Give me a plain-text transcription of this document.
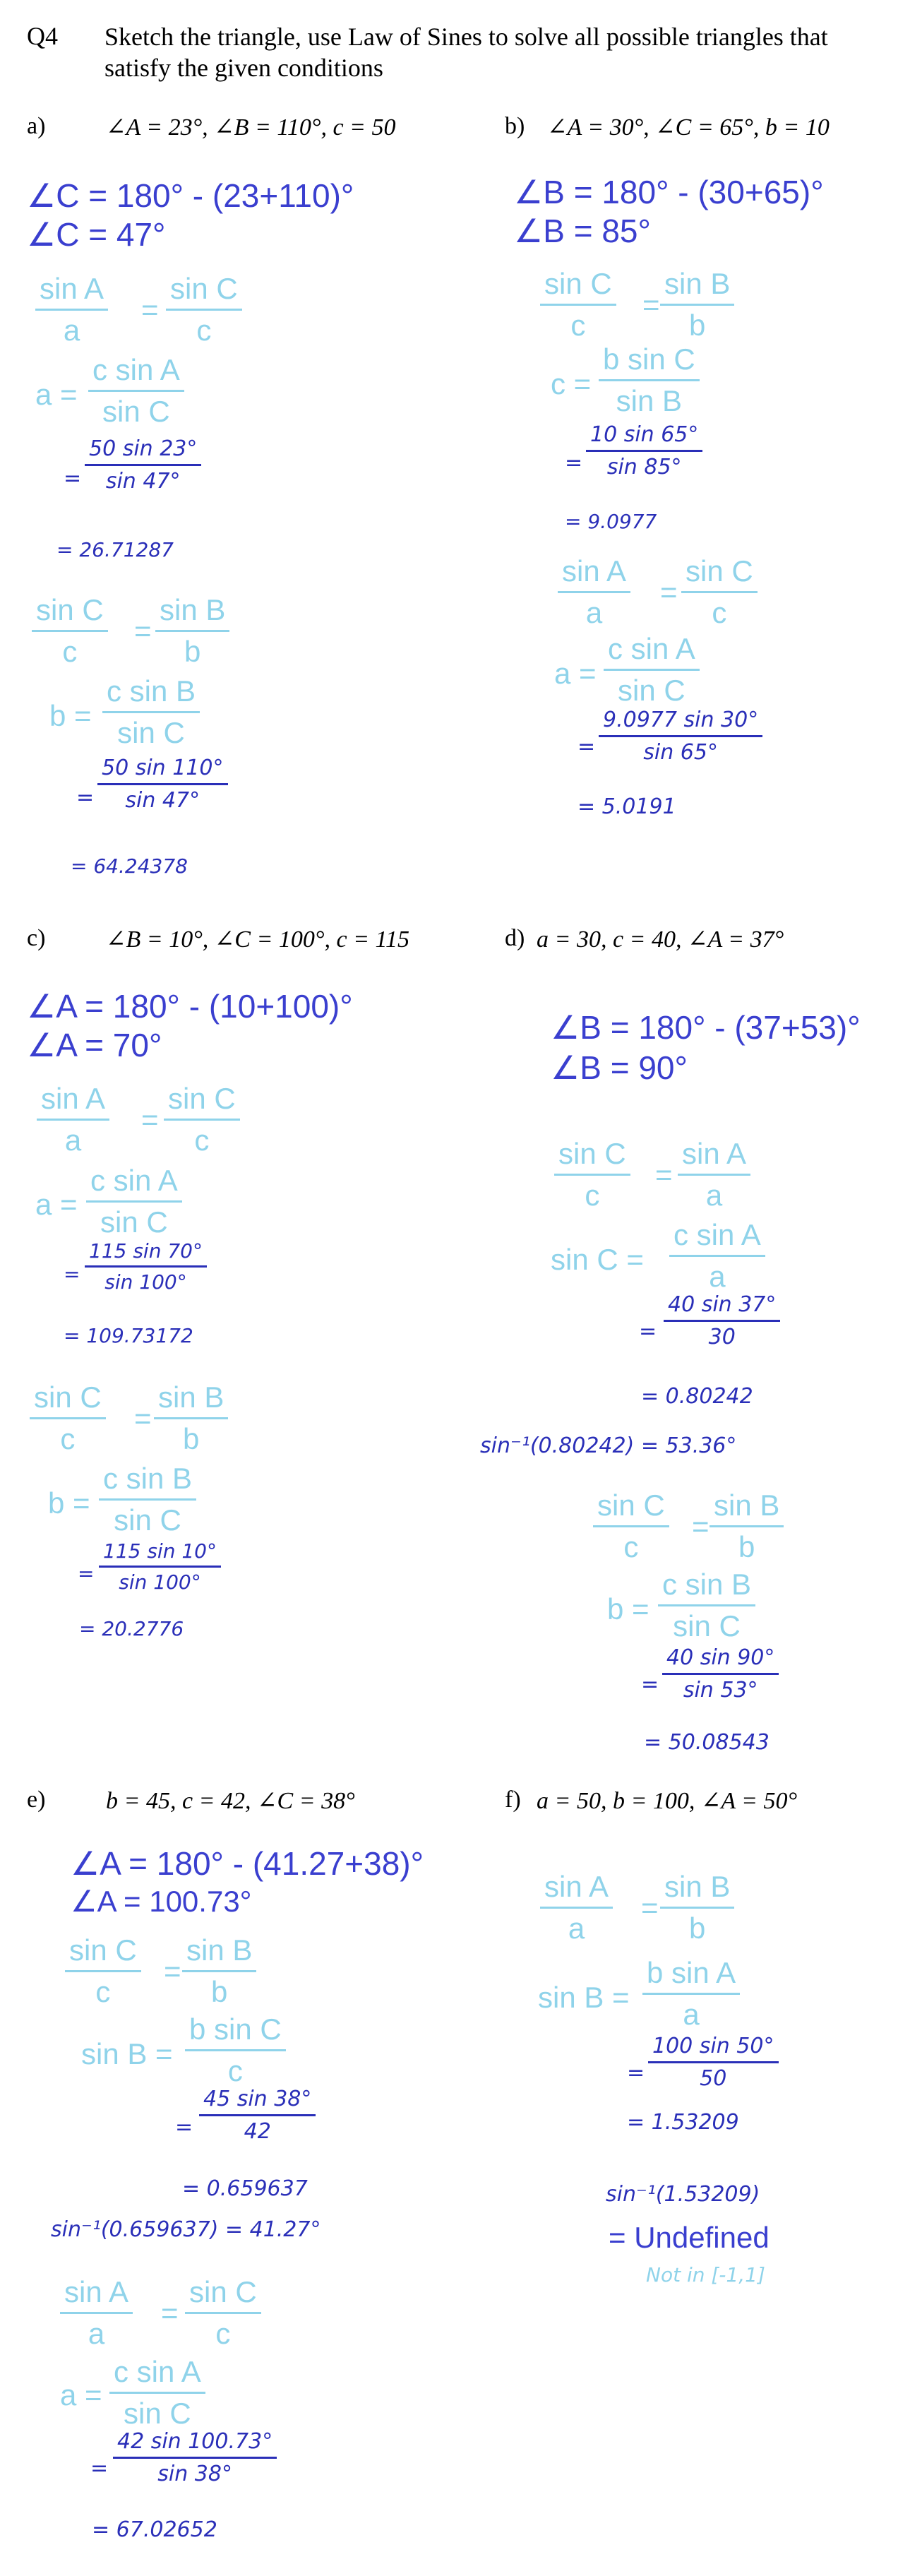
Q4 Sketch the triangle, use Law of Sines to solve all possible triangles that satisfy the given conditions
a)	∠A = 23°, ∠B = 110°, c = 50
∠C = 180° - (23+110)°
∠C = 47°
sin A
a
=
sin C
c
a =
c sin A
sin C
=
50 sin 23°
sin 47°
= 26.71287
sin C
c
=
sin B
b
b =
c sin B
sin C
=
50 sin 110°
sin 47°
= 64.24378
b) ∠A = 30°, ∠C = 65°, b = 10
∠B = 180° - (30+65)°
∠B = 85°
sin C
c
=
sin B
b
c =
b sin C
sin B
=
10 sin 65°
sin 85°
= 9.0977
sin A
a
=
sin C
c
a =
c sin A
sin C
=
9.0977 sin 30°
sin 65°
= 5.0191
c)	∠B = 10°, ∠C = 100°, c = 115
∠A = 180° - (10+100)°
∠A = 70°
sin A
a
=
sin C
c
a =
c sin A
sin C
=
115 sin 70°
sin 100°
= 109.73172
sin C
c
=
sin B
b
b =
c sin B
sin C
=
115 sin 10°
sin 100°
= 20.2776
d) a = 30, c = 40, ∠A = 37°
∠B = 180° - (37+53)°
∠B = 90°
sin C
c
=
sin A
a
sin C =
c sin A
a
=
40 sin 37°
30
= 0.80242
sin⁻¹(0.80242) = 53.36°
sin C
c
=
sin B
b
b =
c sin B
sin C
=
40 sin 90°
sin 53°
= 50.08543
e)	b = 45, c = 42, ∠C = 38°
∠A = 180° - (41.27+38)°
∠A = 100.73°
sin C
c
=
sin B
b
sin B =
b sin C
c
=
45 sin 38°
42
= 0.659637
sin⁻¹(0.659637) = 41.27°
sin A
a
=
sin C
c
a =
c sin A
sin C
=
42 sin 100.73°
sin 38°
= 67.02652
f) a = 50, b = 100, ∠A = 50°
sin A
a
=
sin B
b
sin B =
b sin A
a
=
100 sin 50°
50
= 1.53209
sin⁻¹(1.53209)
= Undefined
Not in [-1,1]
